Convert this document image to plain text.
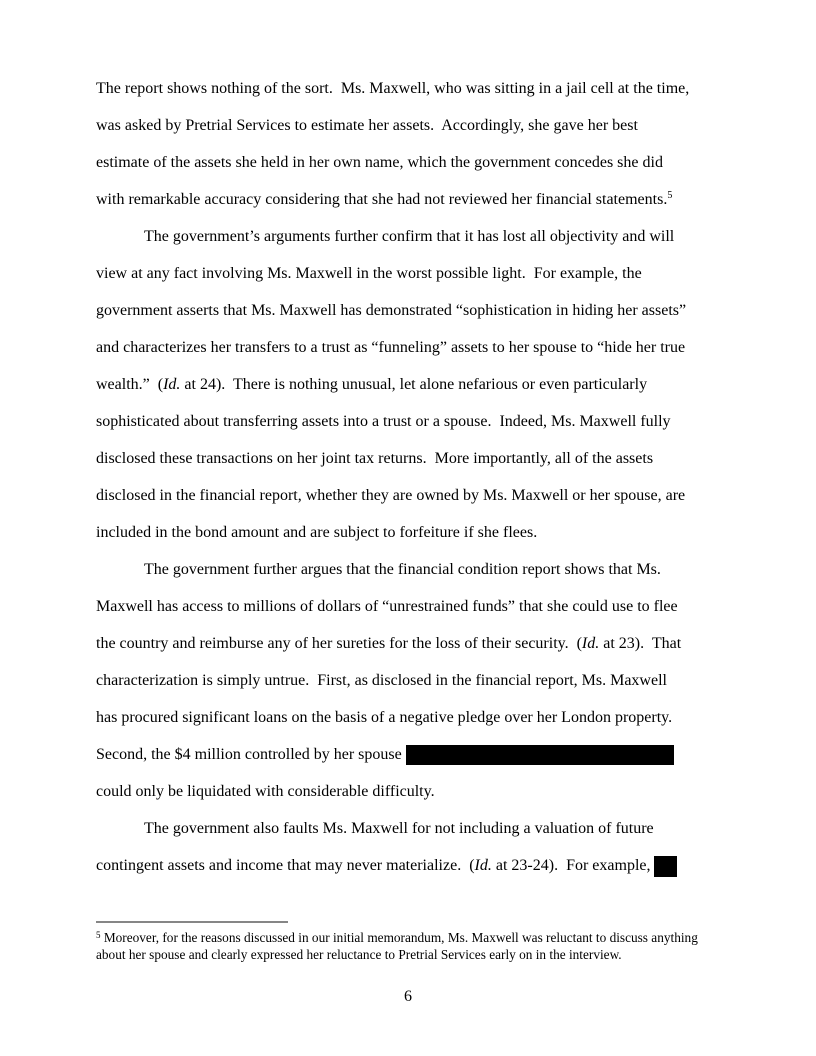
The report shows nothing of the sort.  Ms. Maxwell, who was sitting in a jail cell at the time,
was asked by Pretrial Services to estimate her assets.  Accordingly, she gave her best
estimate of the assets she held in her own name, which the government concedes she did
with remarkable accuracy considering that she had not reviewed her financial statements.$^5$
The government’s arguments further confirm that it has lost all objectivity and will
view at any fact involving Ms. Maxwell in the worst possible light.  For example, the
government asserts that Ms. Maxwell has demonstrated “sophistication in hiding her assets”
and characterizes her transfers to a trust as “funneling” assets to her spouse to “hide her true
wealth.”  (Id. at 24).  There is nothing unusual, let alone nefarious or even particularly
sophisticated about transferring assets into a trust or a spouse.  Indeed, Ms. Maxwell fully
disclosed these transactions on her joint tax returns.  More importantly, all of the assets
disclosed in the financial report, whether they are owned by Ms. Maxwell or her spouse, are
included in the bond amount and are subject to forfeiture if she flees.
The government further argues that the financial condition report shows that Ms.
Maxwell has access to millions of dollars of “unrestrained funds” that she could use to flee
the country and reimburse any of her sureties for the loss of their security.  (Id. at 23).  That
characterization is simply untrue.  First, as disclosed in the financial report, Ms. Maxwell
has procured significant loans on the basis of a negative pledge over her London property.
Second, the $4 million controlled by her spouse
could only be liquidated with considerable difficulty.
The government also faults Ms. Maxwell for not including a valuation of future
contingent assets and income that may never materialize.  (Id. at 23-24).  For example,
$^5$ Moreover, for the reasons discussed in our initial memorandum, Ms. Maxwell was reluctant to discuss anything
about her spouse and clearly expressed her reluctance to Pretrial Services early on in the interview.
6
